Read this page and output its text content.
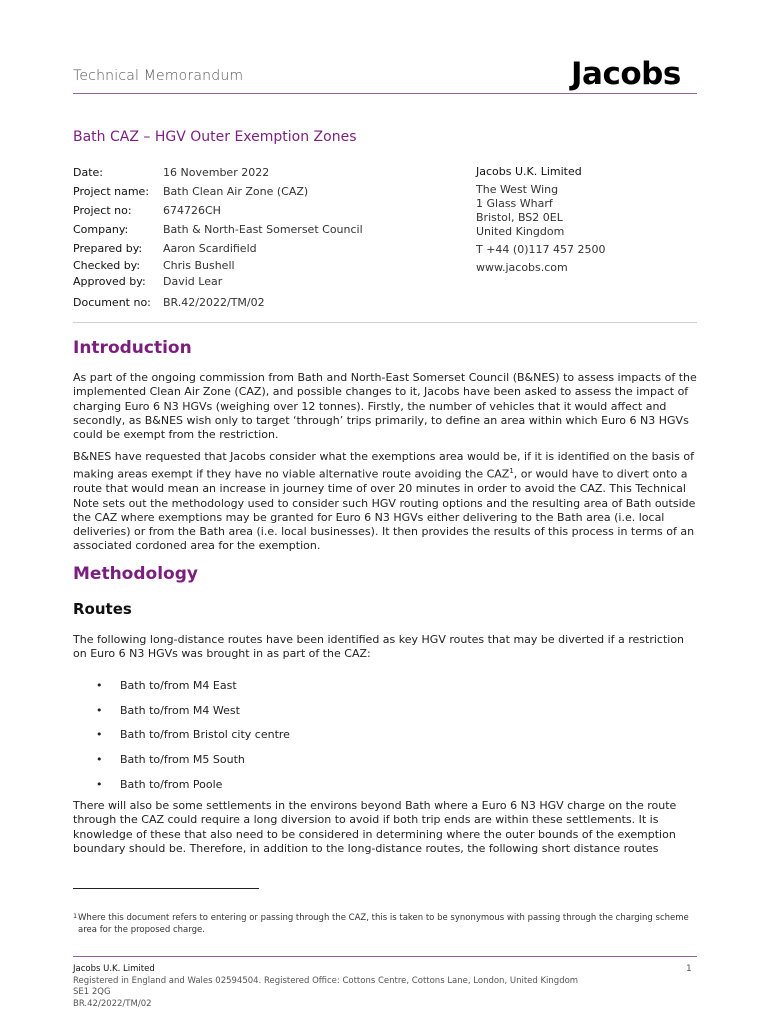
Technical Memorandum	Jacobs
Bath CAZ – HGV Outer Exemption Zones
Date:	16 November 2022
Project name:	Bath Clean Air Zone (CAZ)
Project no:	674726CH
Company:	Bath & North-East Somerset Council
Prepared by:	Aaron Scardifield
Checked by:	Chris Bushell
Approved by:	David Lear
Document no:	BR.42/2022/TM/02
Jacobs U.K. Limited
The West Wing
1 Glass Wharf
Bristol, BS2 0EL
United Kingdom
T +44 (0)117 457 2500
www.jacobs.com
Introduction
As part of the ongoing commission from Bath and North-East Somerset Council (B&NES) to assess impacts of the implemented Clean Air Zone (CAZ), and possible changes to it, Jacobs have been asked to assess the impact of charging Euro 6 N3 HGVs (weighing over 12 tonnes). Firstly, the number of vehicles that it would affect and secondly, as B&NES wish only to target ‘through’ trips primarily, to define an area within which Euro 6 N3 HGVs could be exempt from the restriction.
B&NES have requested that Jacobs consider what the exemptions area would be, if it is identified on the basis of making areas exempt if they have no viable alternative route avoiding the CAZ$^1$, or would have to divert onto a route that would mean an increase in journey time of over 20 minutes in order to avoid the CAZ. This Technical Note sets out the methodology used to consider such HGV routing options and the resulting area of Bath outside the CAZ where exemptions may be granted for Euro 6 N3 HGVs either delivering to the Bath area (i.e. local deliveries) or from the Bath area (i.e. local businesses). It then provides the results of this process in terms of an associated cordoned area for the exemption.
Methodology
Routes
The following long-distance routes have been identified as key HGV routes that may be diverted if a restriction on Euro 6 N3 HGVs was brought in as part of the CAZ:
•	Bath to/from M4 East
•	Bath to/from M4 West
•	Bath to/from Bristol city centre
•	Bath to/from M5 South
•	Bath to/from Poole
There will also be some settlements in the environs beyond Bath where a Euro 6 N3 HGV charge on the route through the CAZ could require a long diversion to avoid if both trip ends are within these settlements. It is knowledge of these that also need to be considered in determining where the outer bounds of the exemption boundary should be. Therefore, in addition to the long-distance routes, the following short distance routes
1 Where this document refers to entering or passing through the CAZ, this is taken to be synonymous with passing through the charging scheme area for the proposed charge.
Jacobs U.K. Limited
Registered in England and Wales 02594504. Registered Office: Cottons Centre, Cottons Lane, London, United Kingdom
SE1 2QG
BR.42/2022/TM/02
1
